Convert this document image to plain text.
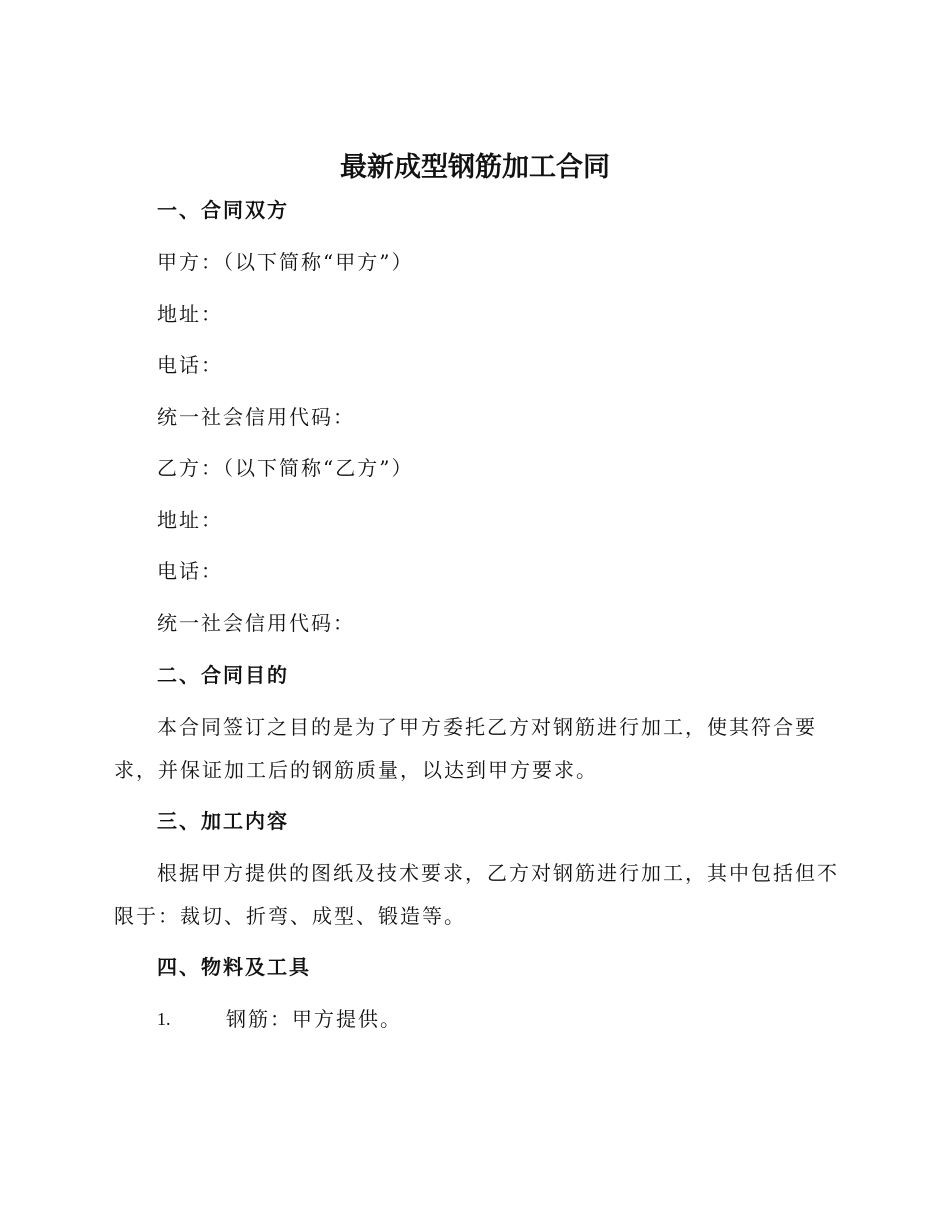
最新成型钢筋加工合同
一、合同双方
甲方：（以下简称“甲方”）
地址：
电话：
统一社会信用代码：
乙方：（以下简称“乙方”）
地址：
电话：
统一社会信用代码：
二、合同目的
本合同签订之目的是为了甲方委托乙方对钢筋进行加工，使其符合要
求，并保证加工后的钢筋质量，以达到甲方要求。
三、加工内容
根据甲方提供的图纸及技术要求，乙方对钢筋进行加工，其中包括但不
限于：裁切、折弯、成型、锻造等。
四、物料及工具
1.	钢筋：甲方提供。
